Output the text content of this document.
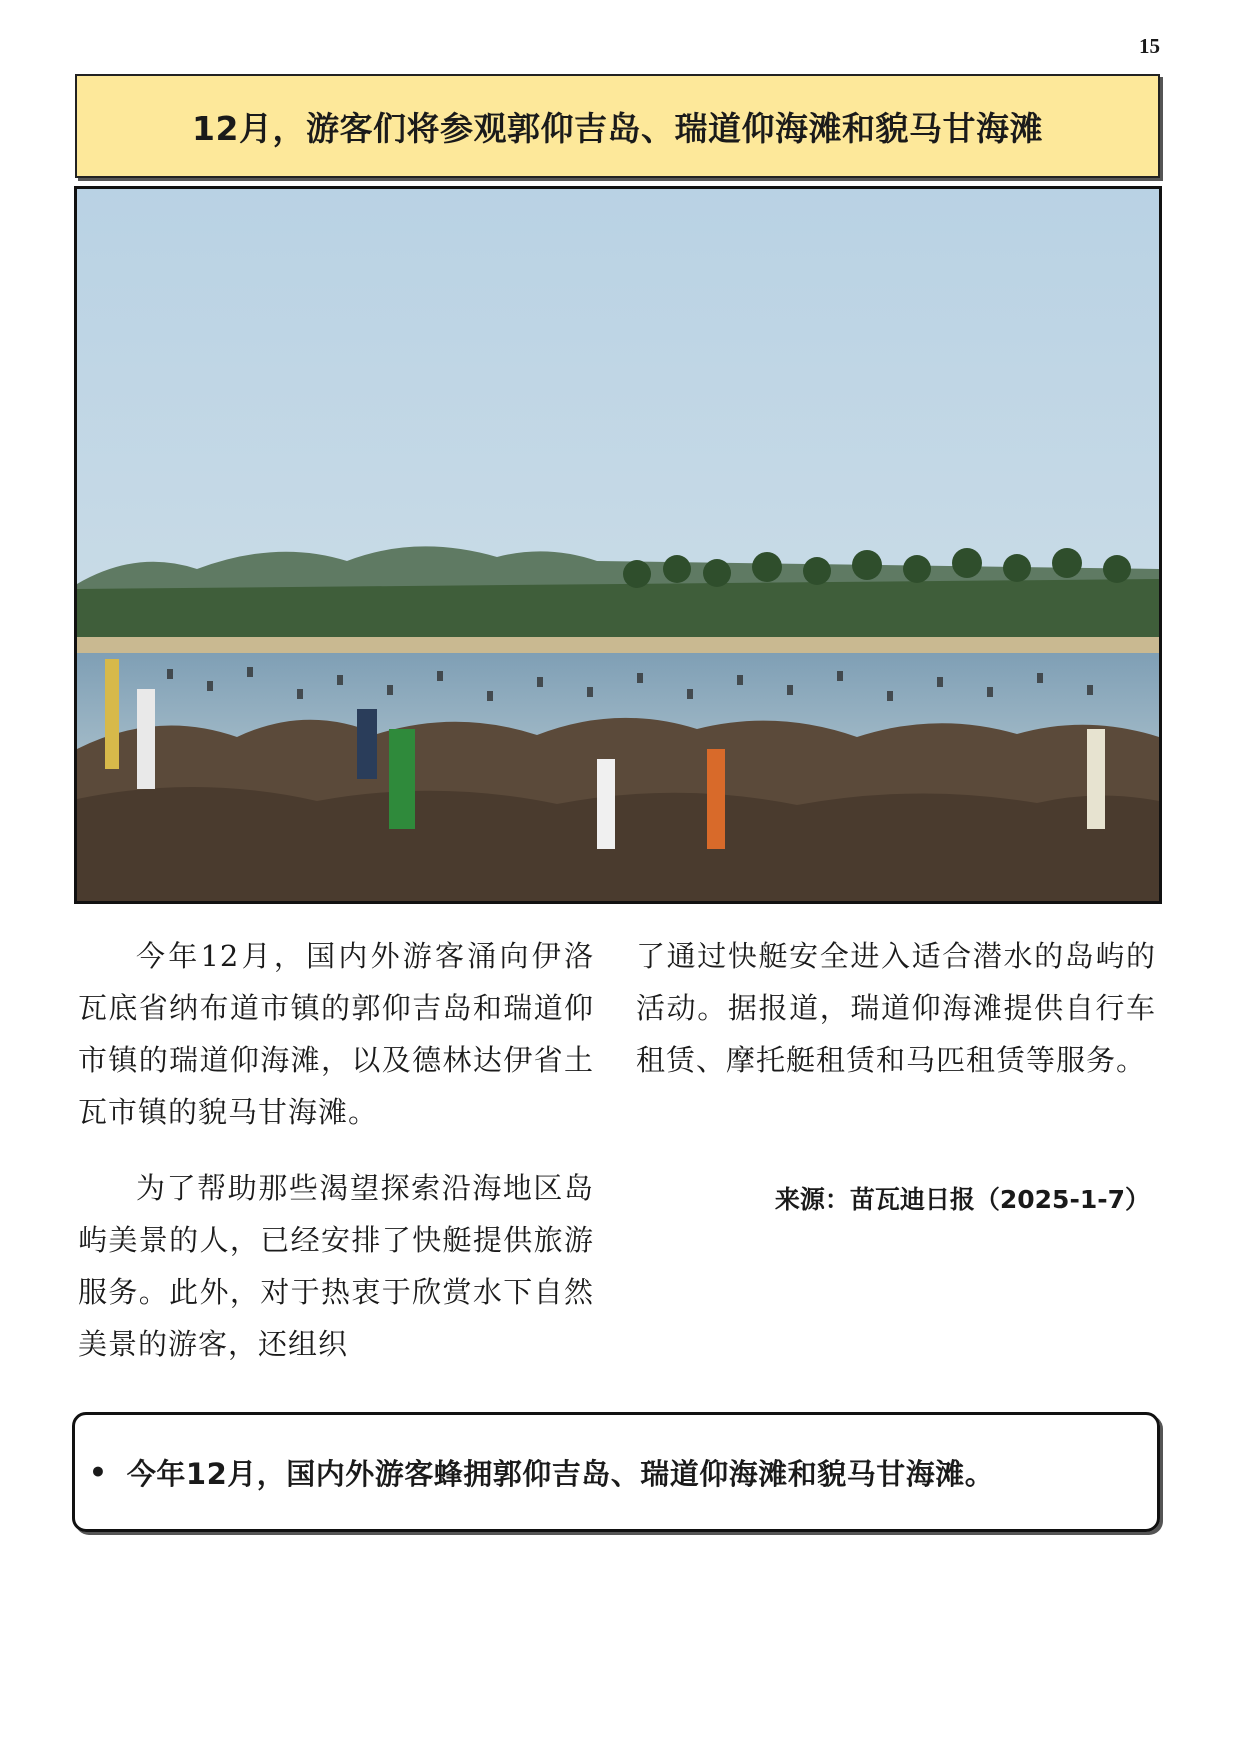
15
12月，游客们将参观郭仰吉岛、瑞道仰海滩和貌马甘海滩

今年12月，国内外游客涌向伊洛瓦底省纳布道市镇的郭仰吉岛和瑞道仰市镇的瑞道仰海滩，以及德林达伊省土瓦市镇的貌马甘海滩。

为了帮助那些渴望探索沿海地区岛屿美景的人，已经安排了快艇提供旅游服务。此外，对于热衷于欣赏水下自然美景的游客，还组织

了通过快艇安全进入适合潜水的岛屿的活动。据报道，瑞道仰海滩提供自行车租赁、摩托艇租赁和马匹租赁等服务。

来源：苗瓦迪日报（2025-1-7）
• 今年12月，国内外游客蜂拥郭仰吉岛、瑞道仰海滩和貌马甘海滩。
